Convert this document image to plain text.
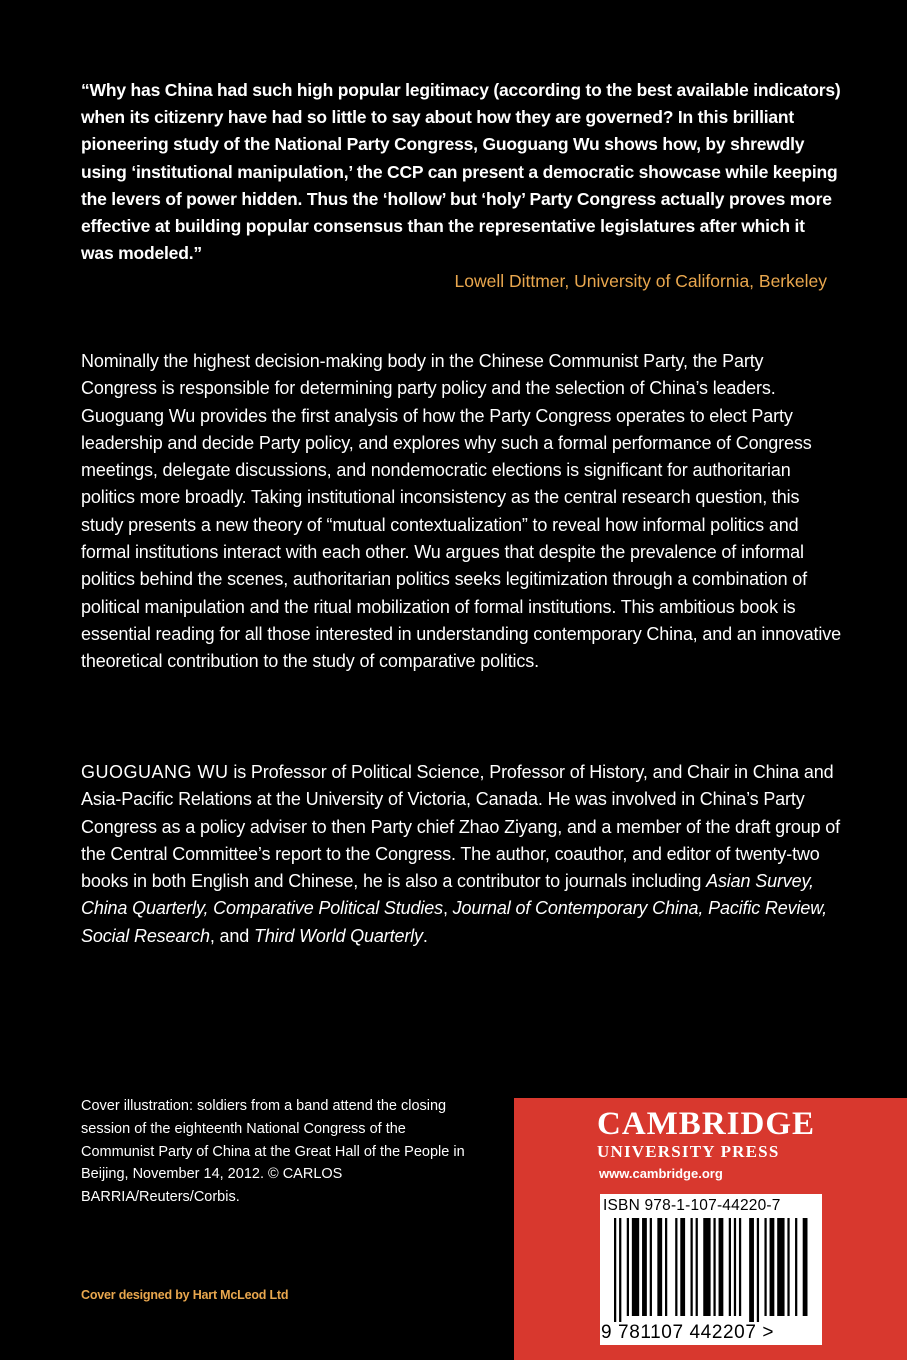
“Why has China had such high popular legitimacy (according to the best available indicators) when its citizenry have had so little to say about how they are governed? In this brilliant pioneering study of the National Party Congress, Guoguang Wu shows how, by shrewdly using ‘institutional manipulation,’ the CCP can present a democratic showcase while keeping the levers of power hidden. Thus the ‘hollow’ but ‘holy’ Party Congress actually proves more effective at building popular consensus than the representative legislatures after which it was modeled.”
Lowell Dittmer, University of California, Berkeley
Nominally the highest decision-making body in the Chinese Communist Party, the Party Congress is responsible for determining party policy and the selection of China’s leaders. Guoguang Wu provides the first analysis of how the Party Congress operates to elect Party leadership and decide Party policy, and explores why such a formal performance of Congress meetings, delegate discussions, and nondemocratic elections is significant for authoritarian politics more broadly. Taking institutional inconsistency as the central research question, this study presents a new theory of “mutual contextualization” to reveal how informal politics and formal institutions interact with each other. Wu argues that despite the prevalence of informal politics behind the scenes, authoritarian politics seeks legitimization through a combination of political manipulation and the ritual mobilization of formal institutions. This ambitious book is essential reading for all those interested in understanding contemporary China, and an innovative theoretical contribution to the study of comparative politics.
GUOGUANG WU is Professor of Political Science, Professor of History, and Chair in China and Asia-Pacific Relations at the University of Victoria, Canada. He was involved in China’s Party Congress as a policy adviser to then Party chief Zhao Ziyang, and a member of the draft group of the Central Committee’s report to the Congress. The author, coauthor, and editor of twenty-two books in both English and Chinese, he is also a contributor to journals including Asian Survey, China Quarterly, Comparative Political Studies, Journal of Contemporary China, Pacific Review, Social Research, and Third World Quarterly.
Cover illustration: soldiers from a band attend the closing session of the eighteenth National Congress of the Communist Party of China at the Great Hall of the People in Beijing, November 14, 2012. © CARLOS BARRIA/Reuters/Corbis.
Cover designed by Hart McLeod Ltd
CAMBRIDGE
UNIVERSITY PRESS
www.cambridge.org
ISBN 978-1-107-44220-7
9 781107 442207 >
